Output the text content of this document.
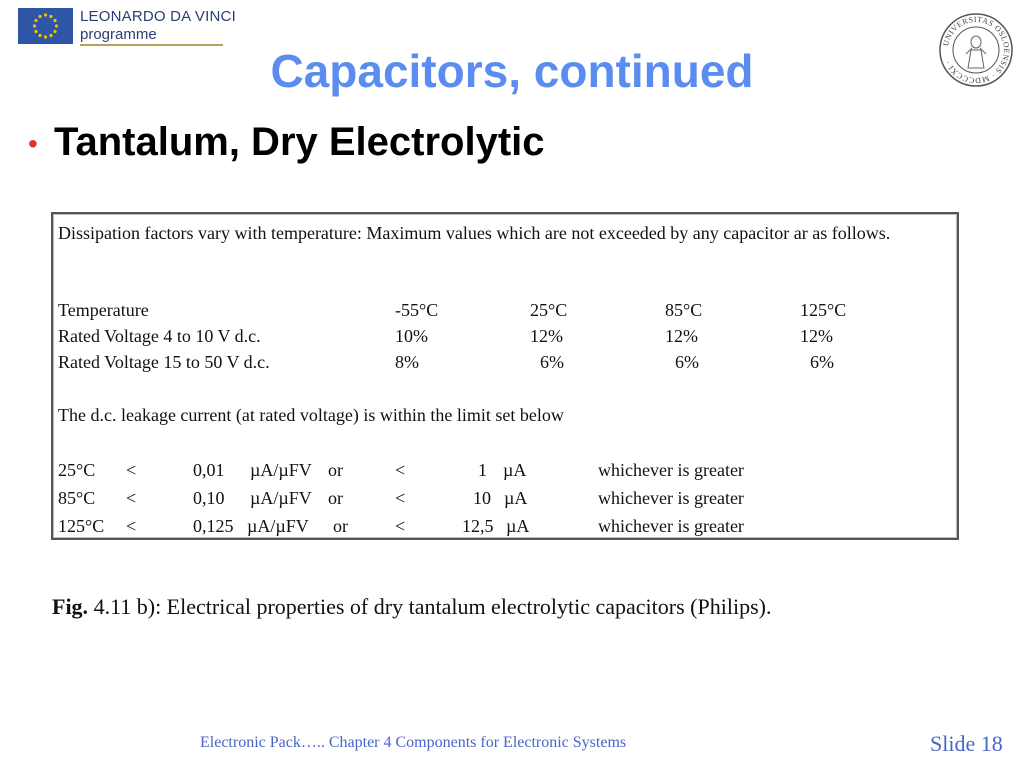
LEONARDO DA VINCI
programme	UNIVERSITAS OSLOENSIS · MDCCCXI ·
Capacitors, continued
• Tantalum, Dry Electrolytic
Dissipation factors vary with temperature: Maximum values which are not exceeded by any capacitor ar as follows.
Temperature	-55°C	25°C	85°C	125°C
Rated Voltage 4 to 10 V d.c.	10%	12%	12%	12%
Rated Voltage 15 to 50 V d.c.	8%	6%	6%	6%
The d.c. leakage current (at rated voltage) is within the limit set below
25°C <	0,01 µA/µFV or	<	1 µA	whichever is greater
85°C <	0,10 µA/µFV or	<	10 µA	whichever is greater
125°C <	0,125 µA/µFV or	<	12,5 µA	whichever is greater
Fig. 4.11 b): Electrical properties of dry tantalum electrolytic capacitors (Philips).
Electronic Pack….. Chapter 4 Components for Electronic Systems	Slide 18
